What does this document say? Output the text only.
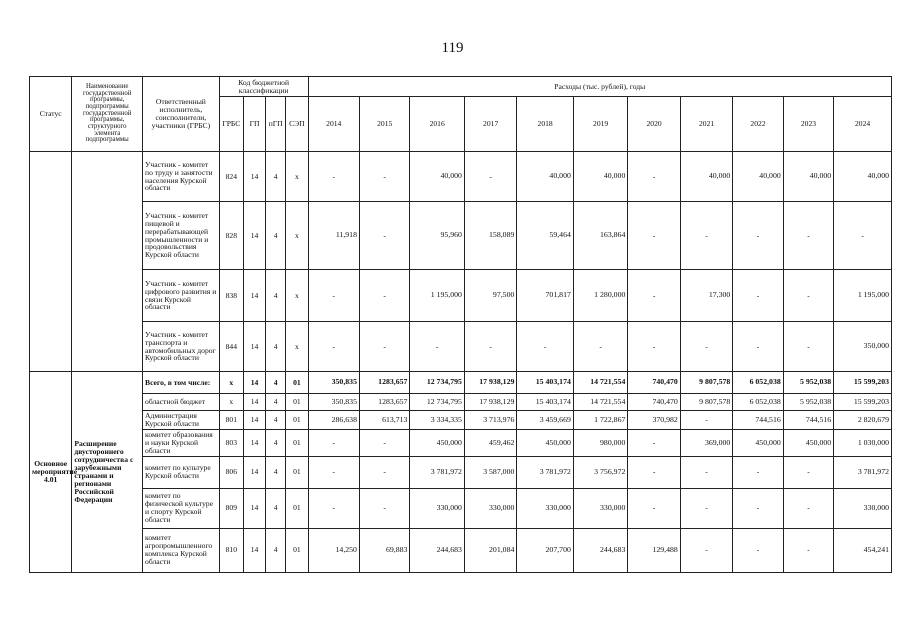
119
Статус	Наименование государственной программы, подпрограммы государственной программы, структурного элемента подпрограммы	Ответственный исполнитель, соисполнители, участники (ГРБС)	Код бюджетной классификации				Расходы (тыс. рублей), годы										
			ГРБС	ГП	пГП	СЭП	2014	2015	2016	2017	2018	2019	2020	2021	2022	2023	2024
		Участник - комитет по труду и занятости населения Курской области	824	14	4	x	-	-	40,000	-	40,000	40,000	-	40,000	40,000	40,000	40,000
		Участник - комитет пищевой и перерабатывающей промышленности и продовольствия Курской области	828	14	4	x	11,918	-	95,960	158,089	59,464	163,864	-	-	-	-	-
		Участник - комитет цифрового развития и связи Курской области	838	14	4	x	-	-	1 195,000	97,500	701,817	1 280,000	-	17,300	-	-	1 195,000
		Участник - комитет транспорта и автомобильных дорог Курской области	844	14	4	x	-	-	-	-	-	-	-	-	-	-	350,000
Основное мероприятие 4.01	Расширение двустороннего сотрудничества с зарубежными странами и регионами Российской Федерации	Всего, в том числе:	x	14	4	01	350,835	1283,657	12 734,795	17 938,129	15 403,174	14 721,554	740,470	9 807,578	6 052,038	5 952,038	15 599,203
		областной бюджет	x	14	4	01	350,835	1283,657	12 734,795	17 938,129	15 403,174	14 721,554	740,470	9 807,578	6 052,038	5 952,038	15 599,203
		Администрация Курской области	801	14	4	01	286,638	613,713	3 334,335	3 713,976	3 459,669	1 722,867	370,982	-	744,516	744,516	2 820,679
		комитет образования и науки Курской области	803	14	4	01	-	-	450,000	459,462	450,000	980,000	-	369,000	450,000	450,000	1 030,000
		комитет по культуре Курской области	806	14	4	01	-	-	3 781,972	3 587,000	3 781,972	3 756,972	-	-	-	-	3 781,972
		комитет по физической культуре и спорту Курской области	809	14	4	01	-	-	330,000	330,000	330,000	330,000	-	-	-	-	330,000
		комитет агропромышленного комплекса Курской области	810	14	4	01	14,250	69,883	244,683	201,084	207,700	244,683	129,488	-	-	-	454,241
